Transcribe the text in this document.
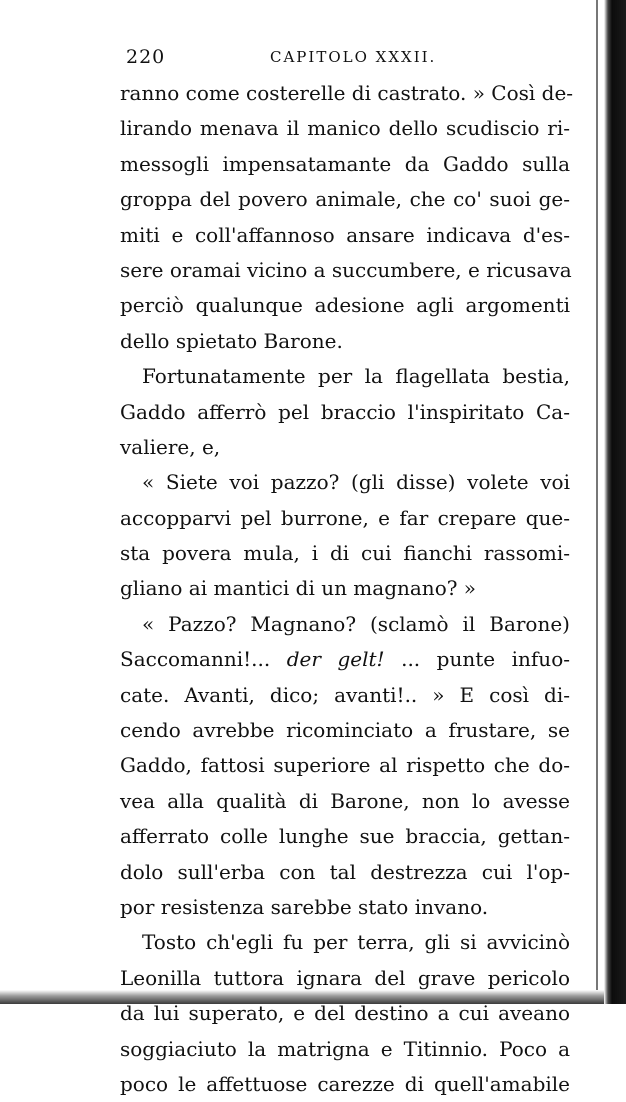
220	CAPITOLO XXXII.
ranno come costerelle di castrato. » Così de-
lirando menava il manico dello scudiscio ri-
messogli impensatamante da Gaddo sulla
groppa del povero animale, che co' suoi ge-
miti e coll'affannoso ansare indicava d'es-
sere oramai vicino a succumbere, e ricusava
perciò qualunque adesione agli argomenti
dello spietato Barone.
Fortunatamente per la flagellata bestia,
Gaddo afferrò pel braccio l'inspiritato Ca-
valiere, e,
« Siete voi pazzo? (gli disse) volete voi
accopparvi pel burrone, e far crepare que-
sta povera mula, i di cui fianchi rassomi-
gliano ai mantici di un magnano? »
« Pazzo? Magnano? (sclamò il Barone)
Saccomanni!... der gelt! ... punte infuo-
cate. Avanti, dico; avanti!.. » E così di-
cendo avrebbe ricominciato a frustare, se
Gaddo, fattosi superiore al rispetto che do-
vea alla qualità di Barone, non lo avesse
afferrato colle lunghe sue braccia, gettan-
dolo sull'erba con tal destrezza cui l'op-
por resistenza sarebbe stato invano.
Tosto ch'egli fu per terra, gli si avvicinò
Leonilla tuttora ignara del grave pericolo
da lui superato, e del destino a cui aveano
soggiaciuto la matrigna e Titinnio. Poco a
poco le affettuose carezze di quell'amabile
